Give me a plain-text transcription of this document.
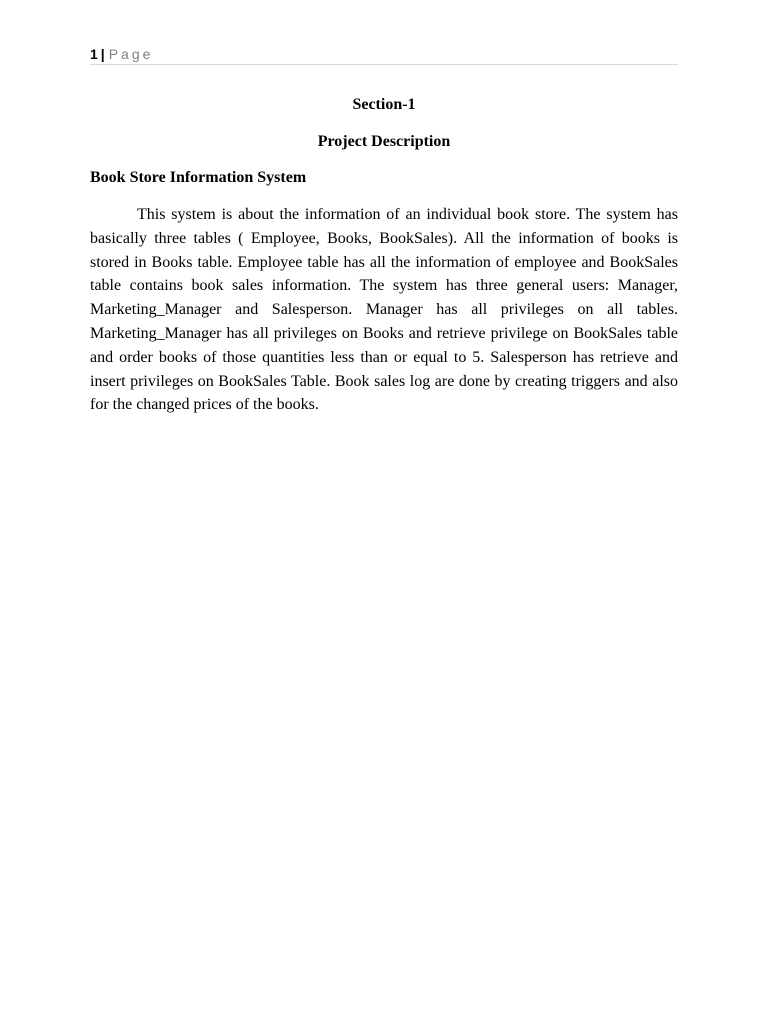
1 | Page
Section-1
Project Description
Book Store Information System

This system is about the information of an individual book store. The system has basically three tables ( Employee, Books, BookSales). All the information of books is stored in Books table. Employee table has all the information of employee and BookSales table contains book sales information. The system has three general users: Manager, Marketing_Manager and Salesperson. Manager has all privileges on all tables. Marketing_Manager has all privileges on Books and retrieve privilege on BookSales table and order books of those quantities less than or equal to 5. Salesperson has retrieve and insert privileges on BookSales Table. Book sales log are done by creating triggers and also for the changed prices of the books.
